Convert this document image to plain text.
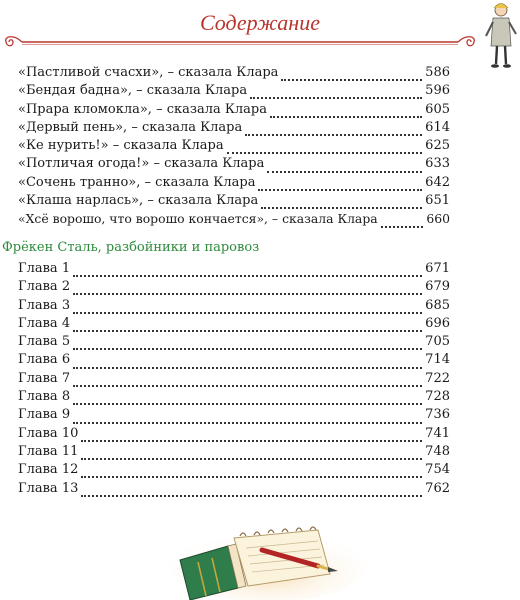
Содержание
«Пастливой счасхи», – сказала Клара	586
«Бендая бадна», – сказала Клара	596
«Прара кломокла», – сказала Клара	605
«Дервый пень», – сказала Клара	614
«Ке нурить!» – сказала Клара	625
«Потличая огода!» – сказала Клара	633
«Сочень транно», – сказала Клара	642
«Клаша нарлась», – сказала Клара	651
«Хсё ворошо, что ворошо кончается», – сказала Клара	660
Фрёкен Сталь, разбойники и паровоз
Глава 1	671
Глава 2	679
Глава 3	685
Глава 4	696
Глава 5	705
Глава 6	714
Глава 7	722
Глава 8	728
Глава 9	736
Глава 10	741
Глава 11	748
Глава 12	754
Глава 13	762
